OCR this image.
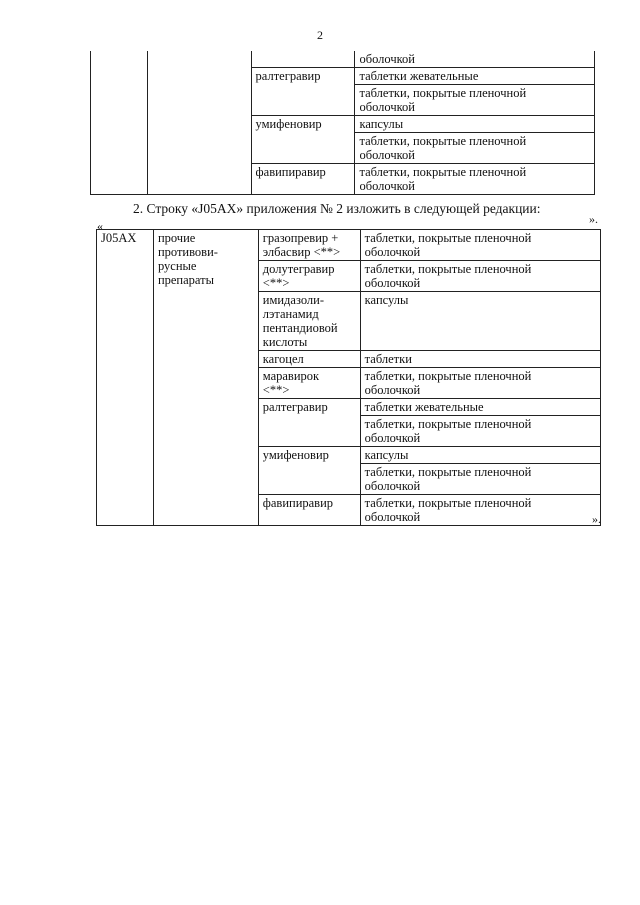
2
			оболочкой
		ралтегравир	таблетки жевательные
			таблетки, покрытые пленочной
оболочкой
		умифеновир	капсулы
			таблетки, покрытые пленочной
оболочкой
		фавипиравир	таблетки, покрытые пленочной
оболочкой
».
2. Строку «J05AX» приложения № 2 изложить в следующей редакции:
«
J05AX	прочие
противови-
русные
препараты	гразопревир +
элбасвир <**>	таблетки, покрытые пленочной
оболочкой
		долутегравир
<**>	таблетки, покрытые пленочной
оболочкой
		имидазоли-
лэтанамид
пентандиовой
кислоты	капсулы
		кагоцел	таблетки
		маравирок
<**>	таблетки, покрытые пленочной
оболочкой
		ралтегравир	таблетки жевательные
			таблетки, покрытые пленочной
оболочкой
		умифеновир	капсулы
			таблетки, покрытые пленочной
оболочкой
		фавипиравир	таблетки, покрытые пленочной
оболочкой	».
